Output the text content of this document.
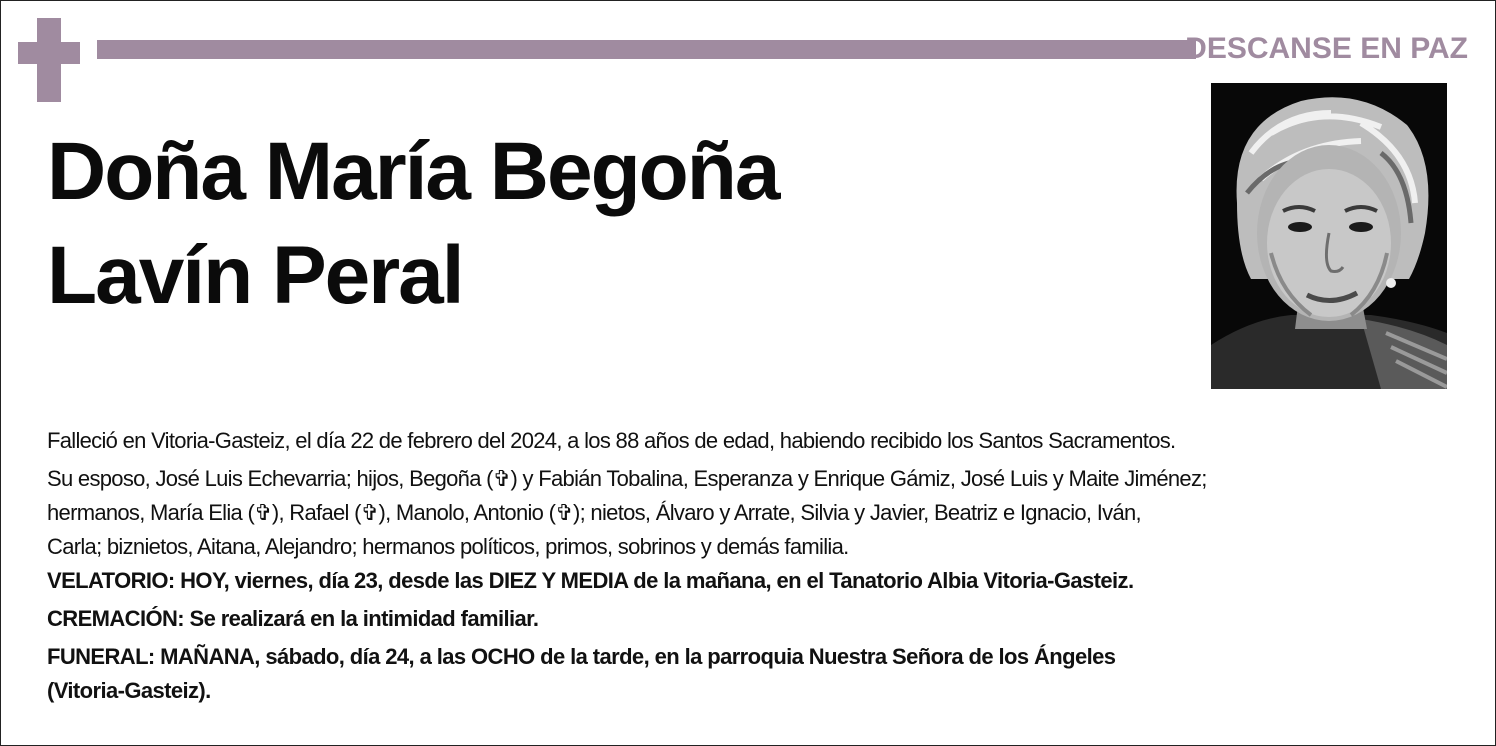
DESCANSE EN PAZ
Doña María Begoña
Lavín Peral

Falleció en Vitoria-Gasteiz, el día 22 de febrero del 2024, a los 88 años de edad, habiendo recibido los Santos Sacramentos.

Su esposo, José Luis Echevarria; hijos, Begoña (✞) y Fabián Tobalina, Esperanza y Enrique Gámiz, José Luis y Maite Jiménez;
hermanos, María Elia (✞), Rafael (✞), Manolo, Antonio (✞); nietos, Álvaro y Arrate, Silvia y Javier, Beatriz e Ignacio, Iván,
Carla; biznietos, Aitana, Alejandro; hermanos políticos, primos, sobrinos y demás familia.

VELATORIO: HOY, viernes, día 23, desde las DIEZ Y MEDIA de la mañana, en el Tanatorio Albia Vitoria-Gasteiz.

CREMACIÓN: Se realizará en la intimidad familiar.

FUNERAL: MAÑANA, sábado, día 24, a las OCHO de la tarde, en la parroquia Nuestra Señora de los Ángeles
(Vitoria-Gasteiz).
